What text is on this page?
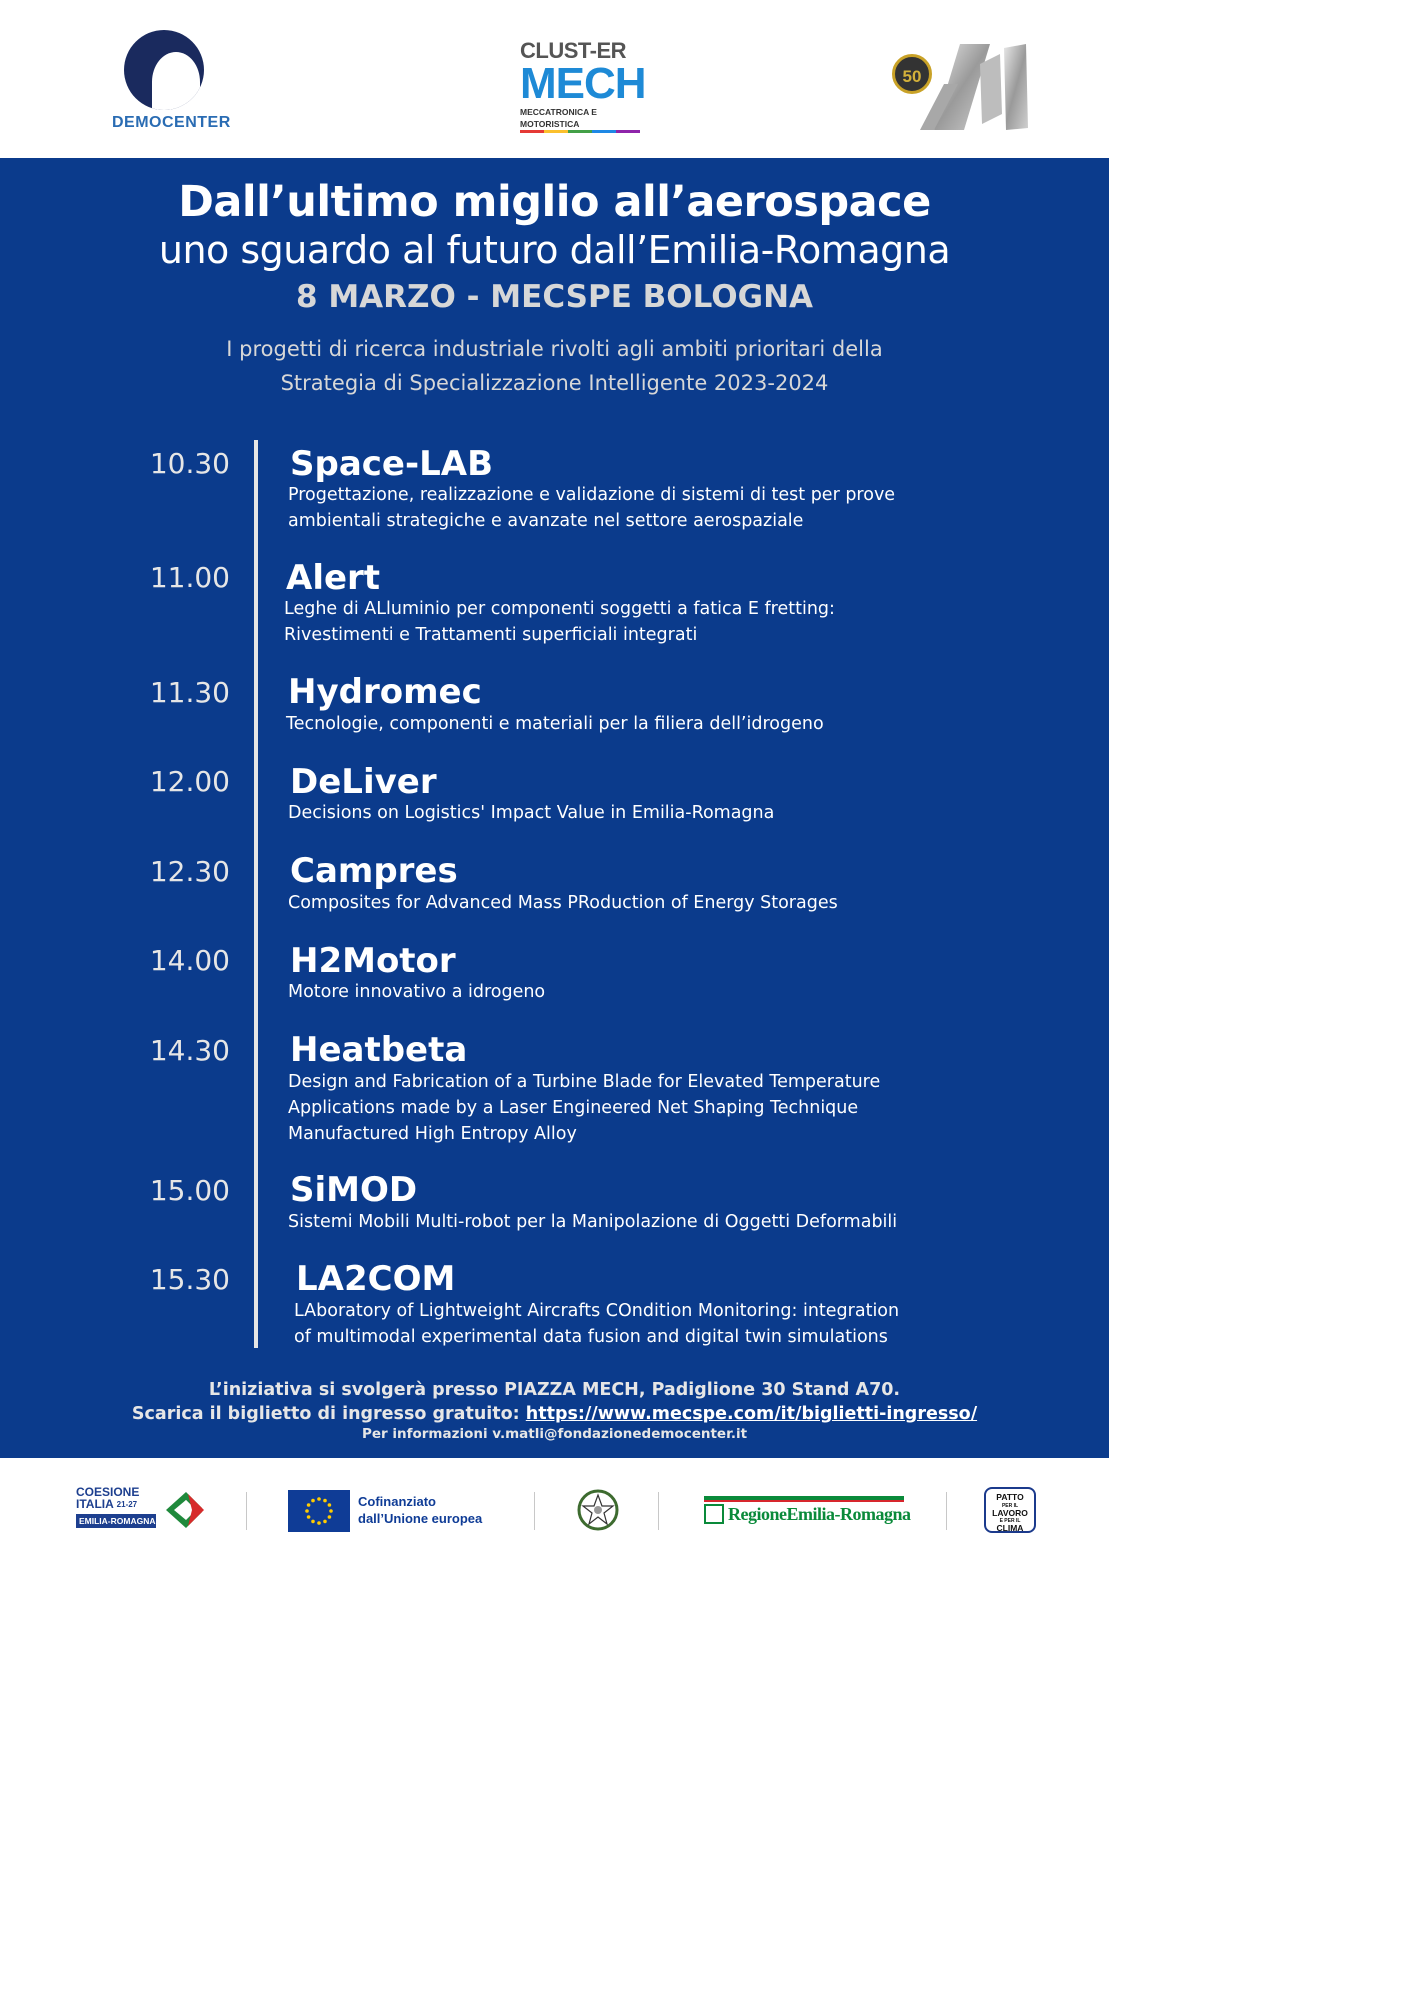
DEMOCENTER
CLUST-ER
MECH
MECCATRONICA E MOTORISTICA
50
Dall’ultimo miglio all’aerospace
uno sguardo al futuro dall’Emilia-Romagna
8 MARZO - MECSPE BOLOGNA
I progetti di ricerca industriale rivolti agli ambiti prioritari della
Strategia di Specializzazione Intelligente 2023-2024
10.30 Space-LAB
Progettazione, realizzazione e validazione di sistemi di test per prove
ambientali strategiche e avanzate nel settore aerospaziale
11.00 Alert
Leghe di ALluminio per componenti soggetti a fatica E fretting:
Rivestimenti e Trattamenti superficiali integrati
11.30 Hydromec
Tecnologie, componenti e materiali per la filiera dell’idrogeno
12.00 DeLiver
Decisions on Logistics' Impact Value in Emilia-Romagna
12.30 Campres
Composites for Advanced Mass PRoduction of Energy Storages
14.00 H2Motor
Motore innovativo a idrogeno
14.30 Heatbeta
Design and Fabrication of a Turbine Blade for Elevated Temperature
Applications made by a Laser Engineered Net Shaping Technique
Manufactured High Entropy Alloy
15.00 SiMOD
Sistemi Mobili Multi-robot per la Manipolazione di Oggetti Deformabili
15.30 LA2COM
LAboratory of Lightweight Aircrafts COndition Monitoring: integration
of multimodal experimental data fusion and digital twin simulations
L’iniziativa si svolgerà presso PIAZZA MECH, Padiglione 30 Stand A70.
Scarica il biglietto di ingresso gratuito: https://www.mecspe.com/it/biglietti-ingresso/
Per informazioni v.matli@fondazionedemocenter.it
COESIONE
ITALIA $^{21-27}$
EMILIA-ROMAGNA
Cofinanziato
dall’Unione europea	RegioneEmilia-Romagna
PATTO
PER IL
LAVORO
E PER IL
CLIMA
